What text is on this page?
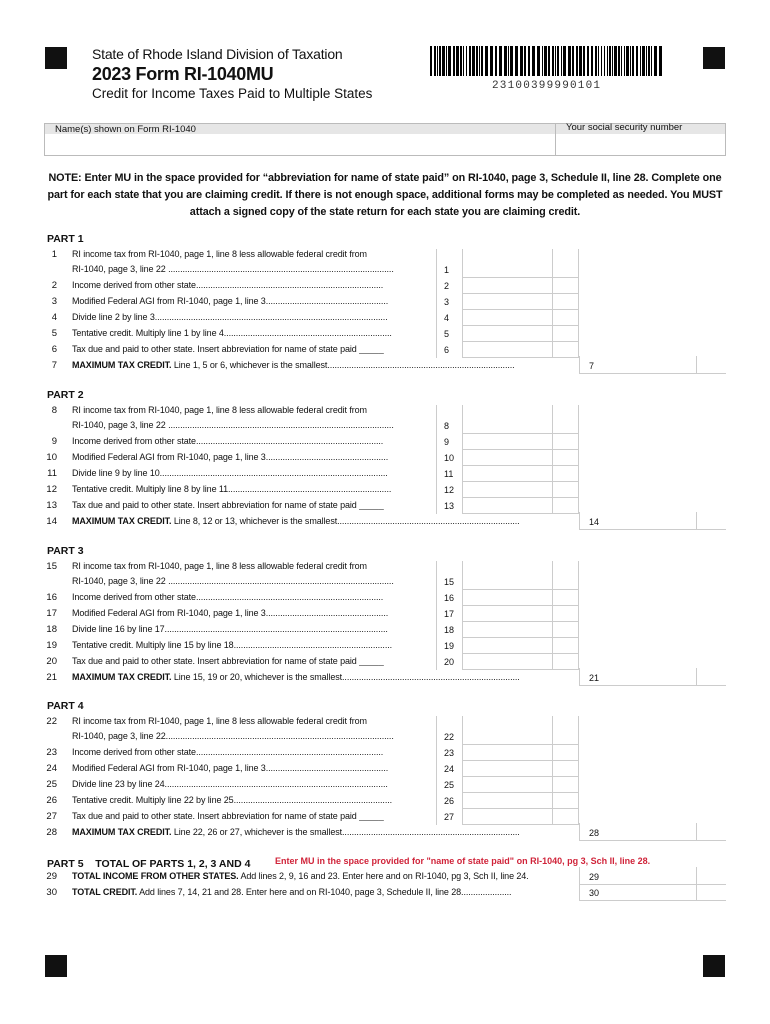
State of Rhode Island Division of Taxation
2023 Form RI-1040MU
Credit for Income Taxes Paid to Multiple States	23100399990101
Name(s) shown on Form RI-1040	Your social security number
NOTE: Enter MU in the space provided for “abbreviation for name of state paid” on RI-1040, page 3, Schedule II, line 28. Complete one part for each state that you are claiming credit. If there is not enough space, additional forms may be completed as needed. You MUST attach a signed copy of the state return for each state you are claiming credit.
PART 1
1 RI income tax from RI-1040, page 1, line 8 less allowable federal credit from
RI-1040, page 3, line 22 ..............................................................................................	1
2 Income derived from other state..............................................................................	2
3 Modified Federal AGI from RI-1040, page 1, line 3...................................................	3
4 Divide line 2 by line 3.................................................................................................	4
5 Tentative credit. Multiply line 1 by line 4......................................................................	5
6 Tax due and paid to other state. Insert abbreviation for name of state paid _____	6
7 MAXIMUM TAX CREDIT. Line 1, 5 or 6, whichever is the smallest..............................................................................	7
PART 2
8 RI income tax from RI-1040, page 1, line 8 less allowable federal credit from
RI-1040, page 3, line 22 ..............................................................................................	8
9 Income derived from other state..............................................................................	9
10 Modified Federal AGI from RI-1040, page 1, line 3...................................................	10
11 Divide line 9 by line 10...............................................................................................	11
12 Tentative credit. Multiply line 8 by line 11....................................................................	12
13 Tax due and paid to other state. Insert abbreviation for name of state paid _____	13
14 MAXIMUM TAX CREDIT. Line 8, 12 or 13, whichever is the smallest............................................................................	14
PART 3
15 RI income tax from RI-1040, page 1, line 8 less allowable federal credit from
RI-1040, page 3, line 22 ..............................................................................................	15
16 Income derived from other state..............................................................................	16
17 Modified Federal AGI from RI-1040, page 1, line 3...................................................	17
18 Divide line 16 by line 17.............................................................................................	18
19 Tentative credit. Multiply line 15 by line 18..................................................................	19
20 Tax due and paid to other state. Insert abbreviation for name of state paid _____	20
21 MAXIMUM TAX CREDIT. Line 15, 19 or 20, whichever is the smallest..........................................................................	21
PART 4
22 RI income tax from RI-1040, page 1, line 8 less allowable federal credit from
RI-1040, page 3, line 22...............................................................................................	22
23 Income derived from other state..............................................................................	23
24 Modified Federal AGI from RI-1040, page 1, line 3...................................................	24
25 Divide line 23 by line 24.............................................................................................	25
26 Tentative credit. Multiply line 22 by line 25..................................................................	26
27 Tax due and paid to other state. Insert abbreviation for name of state paid _____	27
28 MAXIMUM TAX CREDIT. Line 22, 26 or 27, whichever is the smallest..........................................................................	28
PART 5    TOTAL OF PARTS 1, 2, 3 AND 4	Enter MU in the space provided for "name of state paid" on RI-1040, pg 3, Sch II, line 28.
29 TOTAL INCOME FROM OTHER STATES. Add lines 2, 9, 16 and 23. Enter here and on RI-1040, pg 3, Sch II, line 24.	29
30 TOTAL CREDIT. Add lines 7, 14, 21 and 28. Enter here and on RI-1040, page 3, Schedule II, line 28.....................	30
